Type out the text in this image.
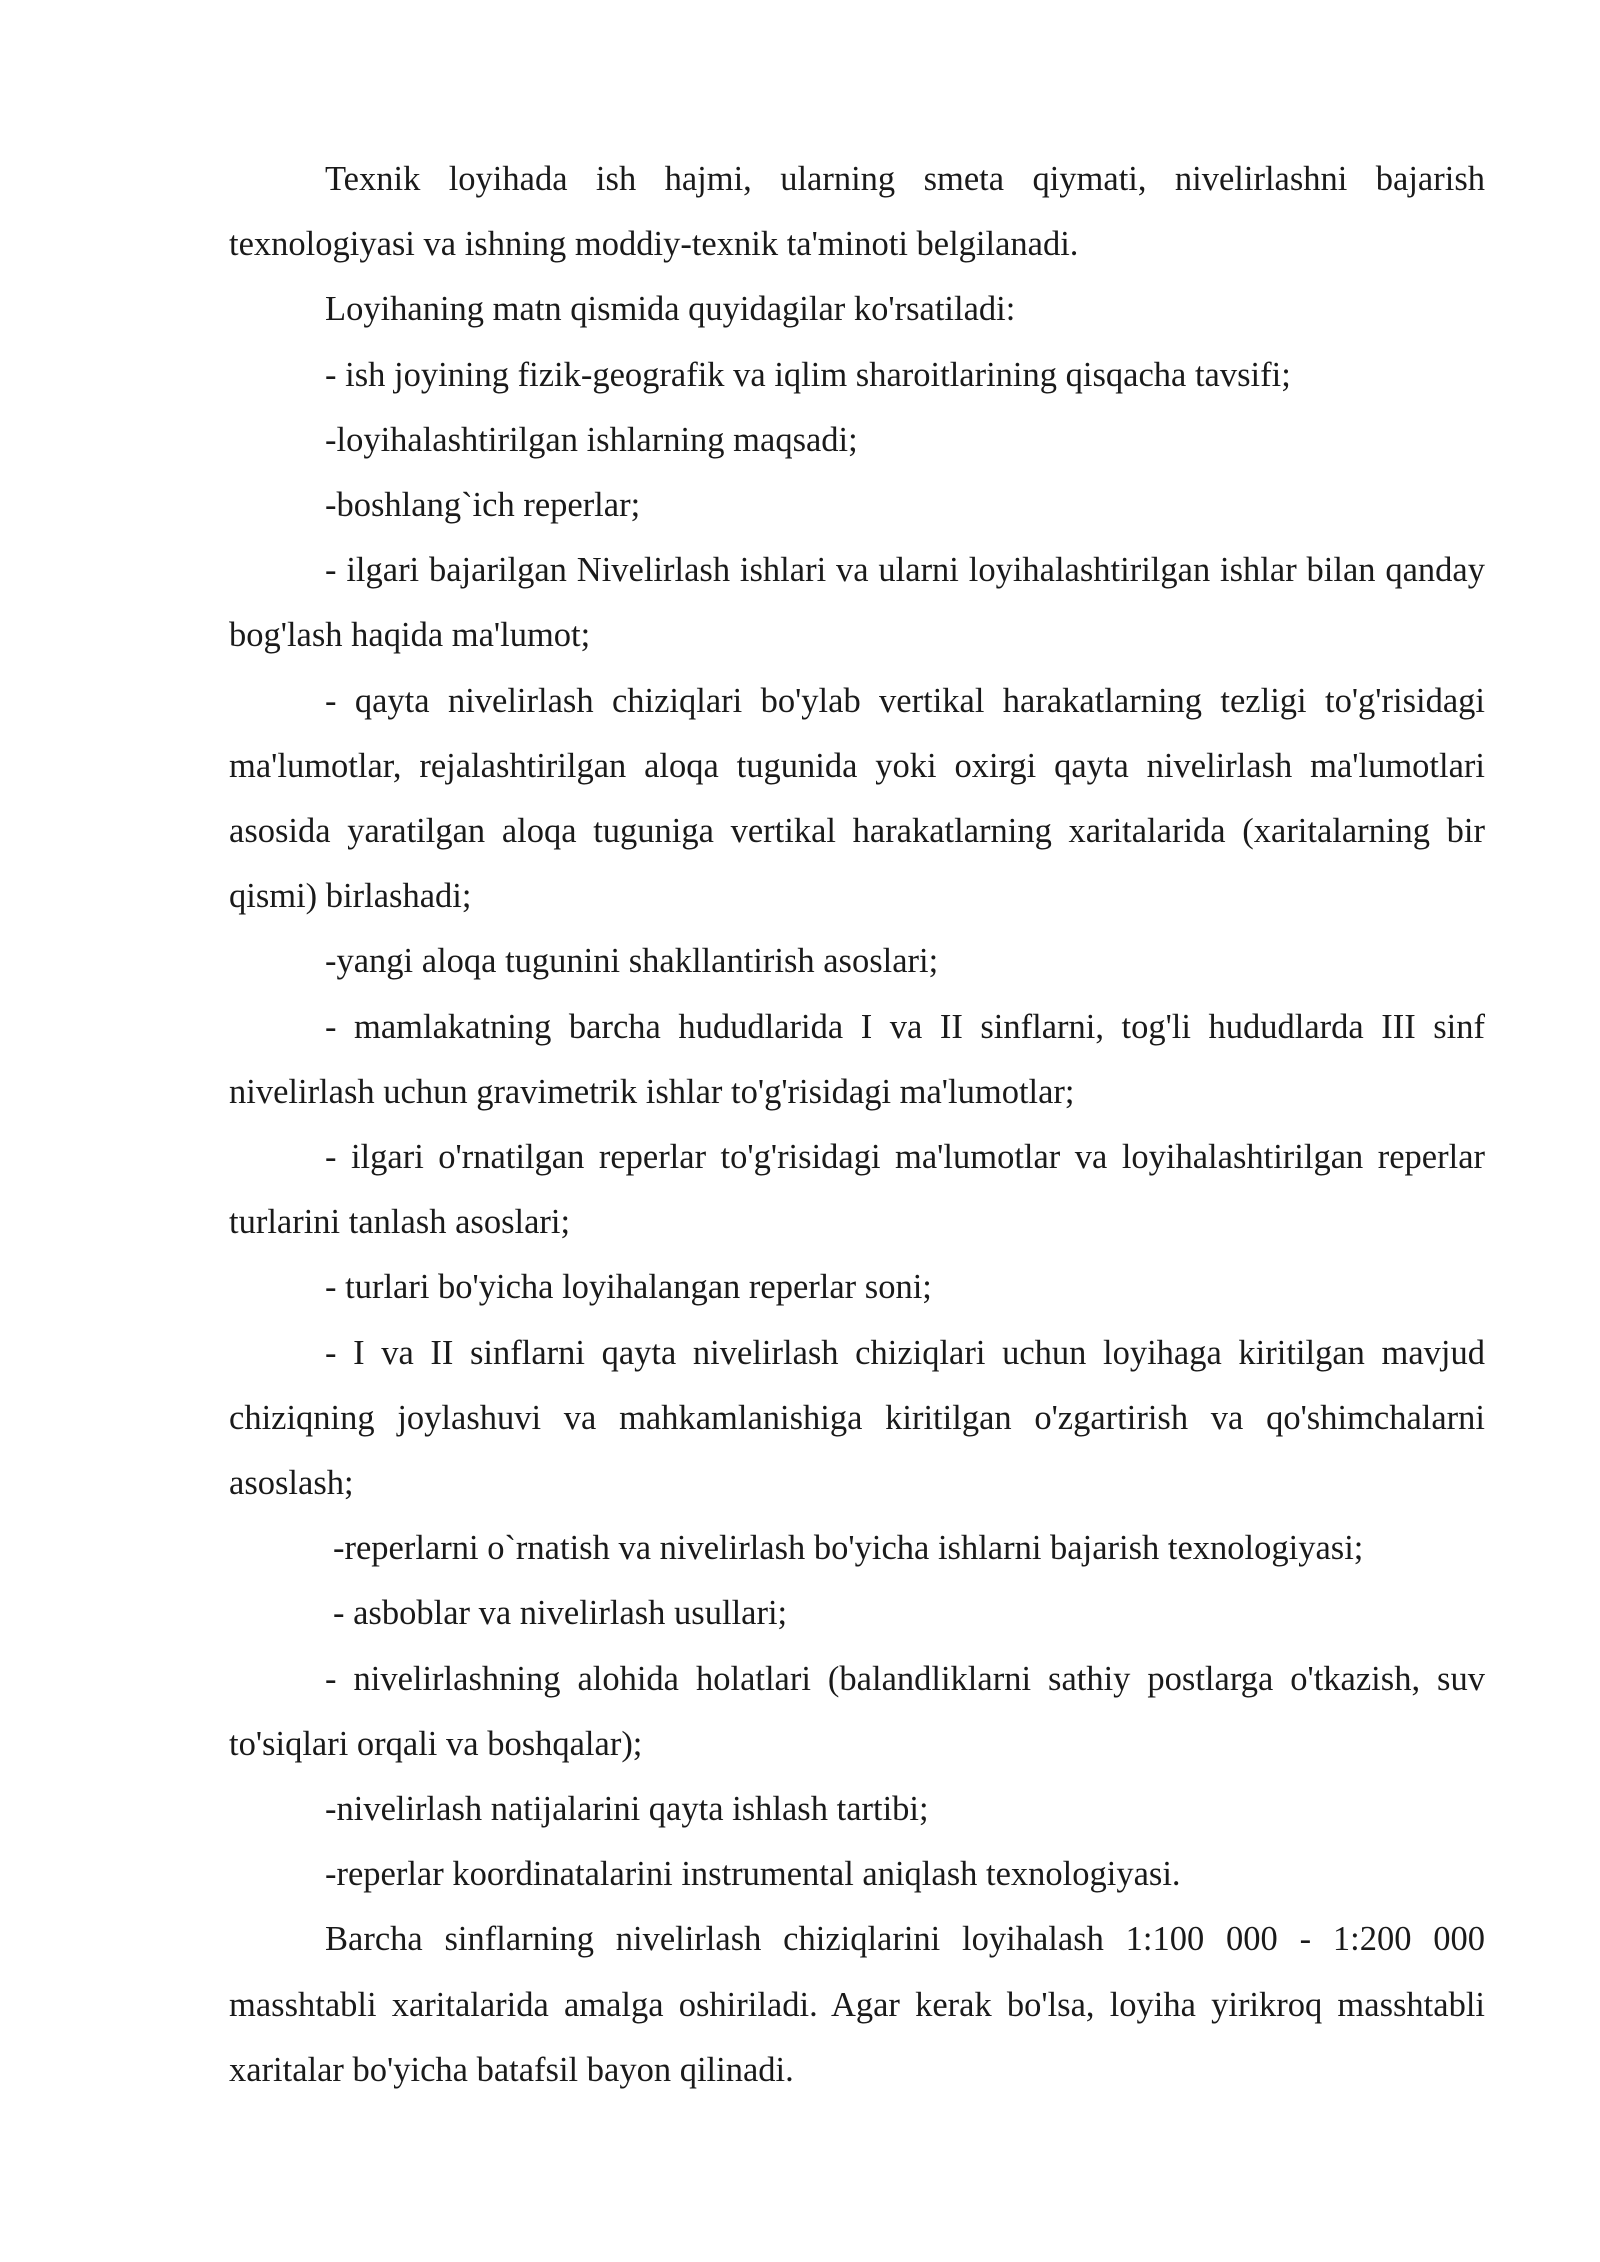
Texnik loyihada ish hajmi, ularning smeta qiymati, nivelirlashni bajarish texnologiyasi va ishning moddiy-texnik ta'minoti belgilanadi.

Loyihaning matn qismida quyidagilar ko'rsatiladi:

- ish joyining fizik-geografik va iqlim sharoitlarining qisqacha tavsifi;

-loyihalashtirilgan ishlarning maqsadi;

-boshlang`ich reperlar;

- ilgari bajarilgan Nivelirlash ishlari va ularni loyihalashtirilgan ishlar bilan qanday bog'lash haqida ma'lumot;

- qayta nivelirlash chiziqlari bo'ylab vertikal harakatlarning tezligi to'g'risidagi ma'lumotlar, rejalashtirilgan aloqa tugunida yoki oxirgi qayta nivelirlash ma'lumotlari asosida yaratilgan aloqa tuguniga vertikal harakatlarning xaritalarida (xaritalarning bir qismi) birlashadi;

-yangi aloqa tugunini shakllantirish asoslari;

- mamlakatning barcha hududlarida I va II sinflarni, tog'li hududlarda III sinf nivelirlash uchun gravimetrik ishlar to'g'risidagi ma'lumotlar;

- ilgari o'rnatilgan reperlar to'g'risidagi ma'lumotlar va loyihalashtirilgan reperlar turlarini tanlash asoslari;

- turlari bo'yicha loyihalangan reperlar soni;

- I va II sinflarni qayta nivelirlash chiziqlari uchun loyihaga kiritilgan mavjud chiziqning joylashuvi va mahkamlanishiga kiritilgan o'zgartirish va qo'shimchalarni asoslash;

-reperlarni o`rnatish va nivelirlash bo'yicha ishlarni bajarish texnologiyasi;

- asboblar va nivelirlash usullari;

- nivelirlashning alohida holatlari (balandliklarni sathiy postlarga o'tkazish, suv to'siqlari orqali va boshqalar);

-nivelirlash natijalarini qayta ishlash tartibi;

-reperlar koordinatalarini instrumental aniqlash texnologiyasi.

Barcha sinflarning nivelirlash chiziqlarini loyihalash 1:100 000 - 1:200 000 masshtabli xaritalarida amalga oshiriladi. Agar kerak bo'lsa, loyiha yirikroq masshtabli xaritalar bo'yicha batafsil bayon qilinadi.
